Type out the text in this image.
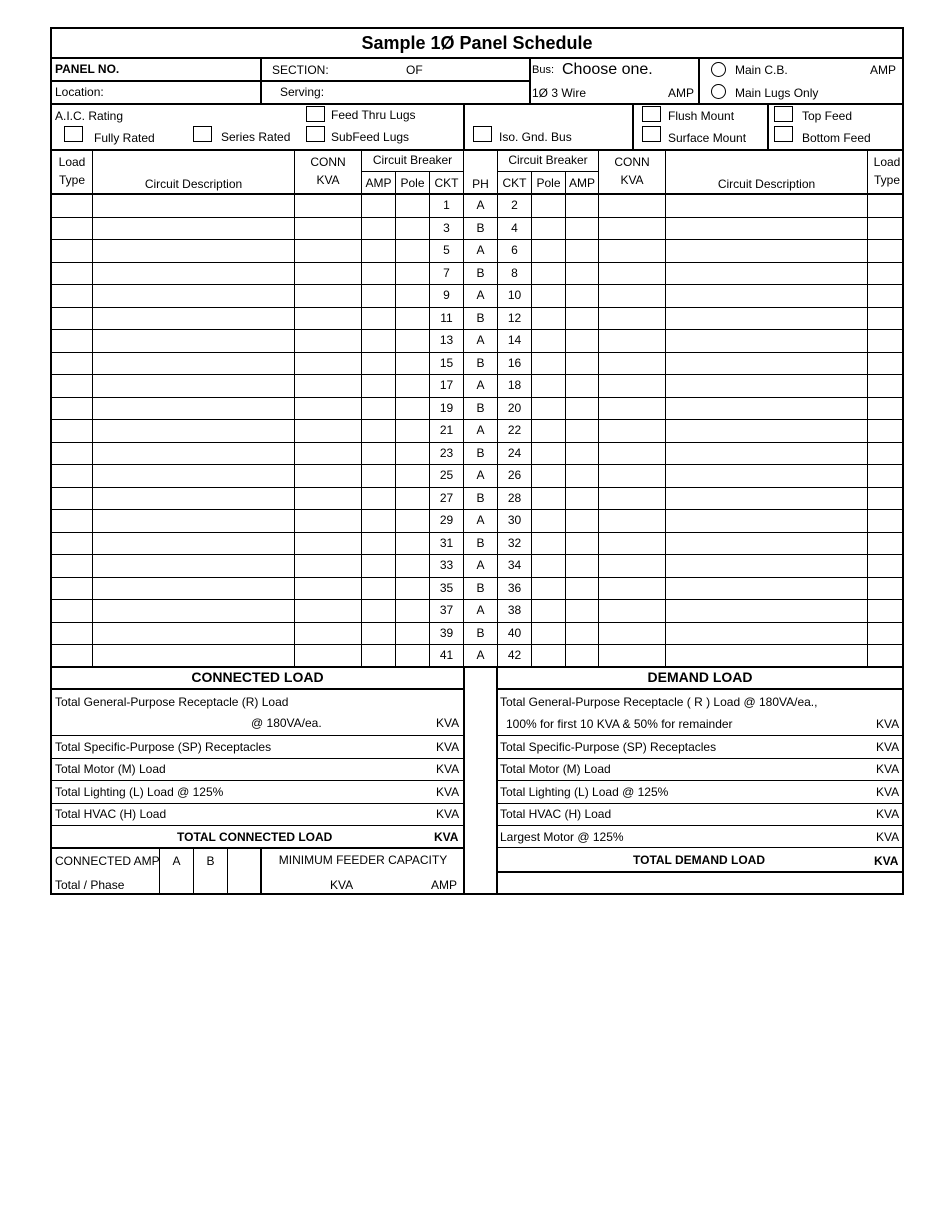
Sample 1Ø Panel Schedule
PANEL NO.	SECTION:	OF	Bus: Choose one.	Main C.B.	AMP
Location:	Serving:	1Ø 3 Wire	AMP	Main Lugs Only
A.I.C. Rating
Fully Rated	Series Rated
Feed Thru Lugs
SubFeed Lugs	Iso. Gnd. Bus
Flush Mount
Surface Mount
Top Feed
Bottom Feed
Load
Type	Circuit Description
CONN
KVA
Circuit Breaker
AMP Pole CKT	PH
Circuit Breaker
CKT Pole AMP
CONN
KVA	Circuit Description
Load
Type
1	A	2
3	B	4
5	A	6
7	B	8
9	A	10
11	B	12
13	A	14
15	B	16
17	A	18
19	B	20
21	A	22
23	B	24
25	A	26
27	B	28
29	A	30
31	B	32
33	A	34
35	B	36
37	A	38
39	B	40
41	A	42
CONNECTED LOAD
Total General-Purpose Receptacle (R) Load
@ 180VA/ea.	KVA
Total Specific-Purpose (SP) Receptacles	KVA
Total Motor (M) Load	KVA
Total Lighting (L) Load @ 125%	KVA
Total HVAC (H) Load	KVA
TOTAL CONNECTED LOAD	KVA
CONNECTED AMP
Total / Phase
A	B	MINIMUM FEEDER CAPACITY
KVA	AMP
DEMAND LOAD
Total General-Purpose Receptacle ( R ) Load @ 180VA/ea.,
100% for first 10 KVA & 50% for remainder	KVA
Total Specific-Purpose (SP) Receptacles	KVA
Total Motor (M) Load	KVA
Total Lighting (L) Load @ 125%	KVA
Total HVAC (H) Load	KVA
Largest Motor @ 125%	KVA
TOTAL DEMAND LOAD	KVA
